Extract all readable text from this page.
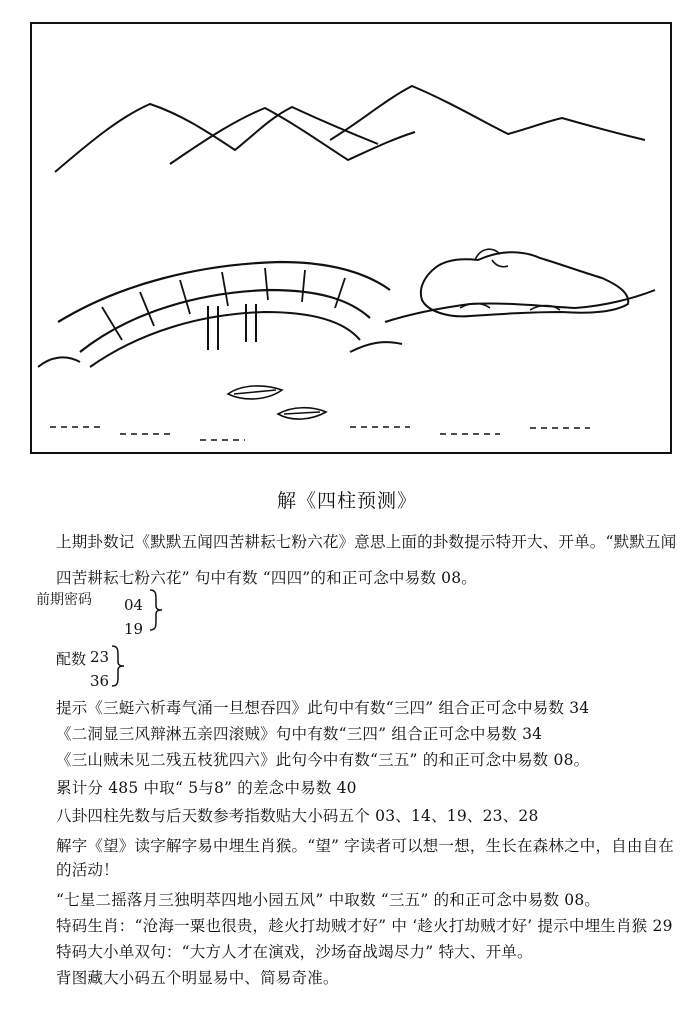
解《四柱预测》
上期卦数记《默默五闻四苦耕耘七粉六花》意思上面的卦数提示特开大、开单。“默默五闻
四苦耕耘七粉六花” 句中有数 “四四”的和正可念中易数 08。
前期密码 04
19
配数 23
36
提示《三蜓六析毒气涌一旦想吞四》此句中有数“三四” 组合正可念中易数 34
《二洞显三风辩淋五亲四滚贼》句中有数“三四” 组合正可念中易数 34
《三山贼未见二残五枝犹四六》此句今中有数“三五” 的和正可念中易数 08。
累计分 485 中取“ 5与8” 的差念中易数 40
八卦四柱先数与后天数参考指数贴大小码五个 03、14、19、23、28
解字《望》读字解字易中埋生肖猴。“望” 字读者可以想一想，生长在森林之中，自由自在
的活动！
“七星二摇落月三独明萃四地小园五风” 中取数 “三五” 的和正可念中易数 08。
特码生肖：“沧海一粟也很贵，趁火打劫贼才好” 中 ‘趁火打劫贼才好’ 提示中埋生肖猴 29
特码大小单双句：“大方人才在演戏，沙场奋战竭尽力” 特大、开单。
背图藏大小码五个明显易中、简易奇准。
